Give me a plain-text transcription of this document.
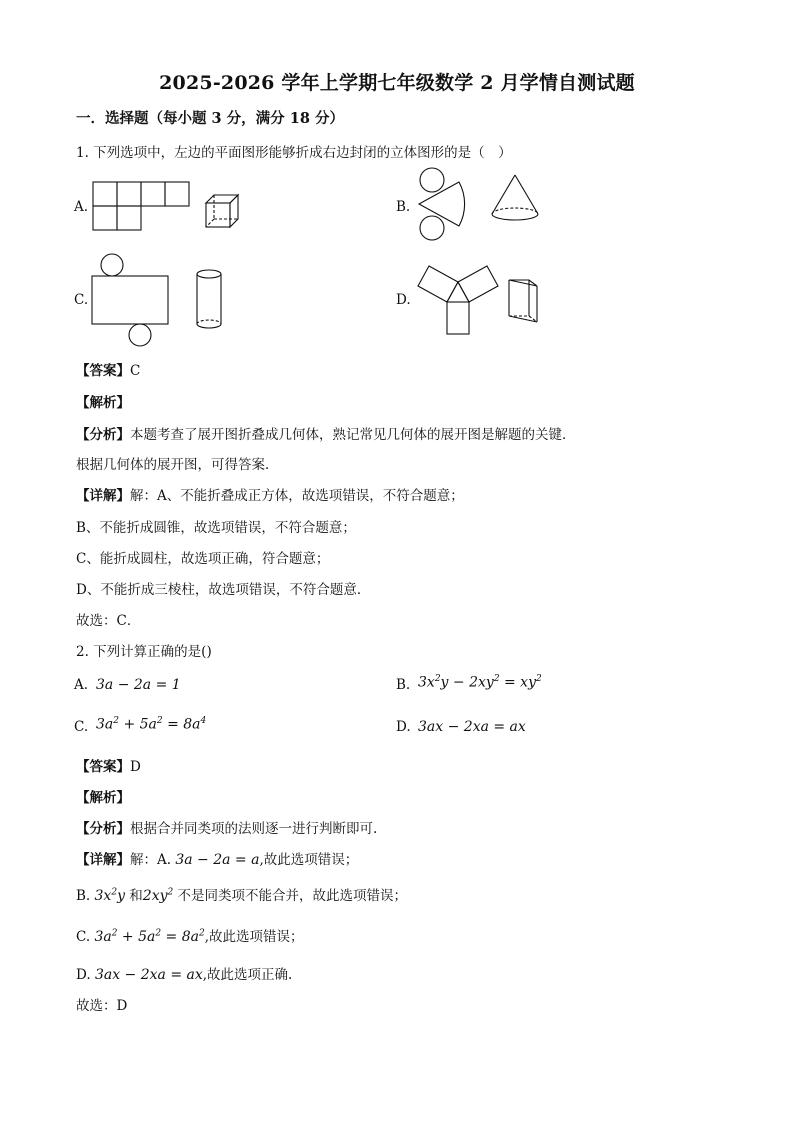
2025-2026 学年上学期七年级数学 2 月学情自测试题
一．选择题（每小题 3 分，满分 18 分）
1. 下列选项中，左边的平面图形能够折成右边封闭的立体图形的是（　）
A.	B.
C.	D.
【答案】C
【解析】
【分析】本题考查了展开图折叠成几何体，熟记常见几何体的展开图是解题的关键．
根据几何体的展开图，可得答案．
【详解】解：A、不能折叠成正方体，故选项错误，不符合题意；
B、不能折成圆锥，故选项错误，不符合题意；
C、能折成圆柱，故选项正确，符合题意；
D、不能折成三棱柱，故选项错误，不符合题意．
故选：C．
2. 下列计算正确的是()
A. 3a − 2a = 1	B. $3x^2y - 2xy^2 = xy^2$
C. $3a^2 + 5a^2 = 8a^4$	D. 3ax − 2xa = ax
【答案】D
【解析】
【分析】根据合并同类项的法则逐一进行判断即可.
【详解】解：A. 3a − 2a = a,故此选项错误；
B. $3x^2y$ 和$2xy^2$ 不是同类项不能合并，故此选项错误；
C. $3a^2 + 5a^2 = 8a^2$,故此选项错误；
D. 3ax − 2xa = ax,故此选项正确.
故选：D
